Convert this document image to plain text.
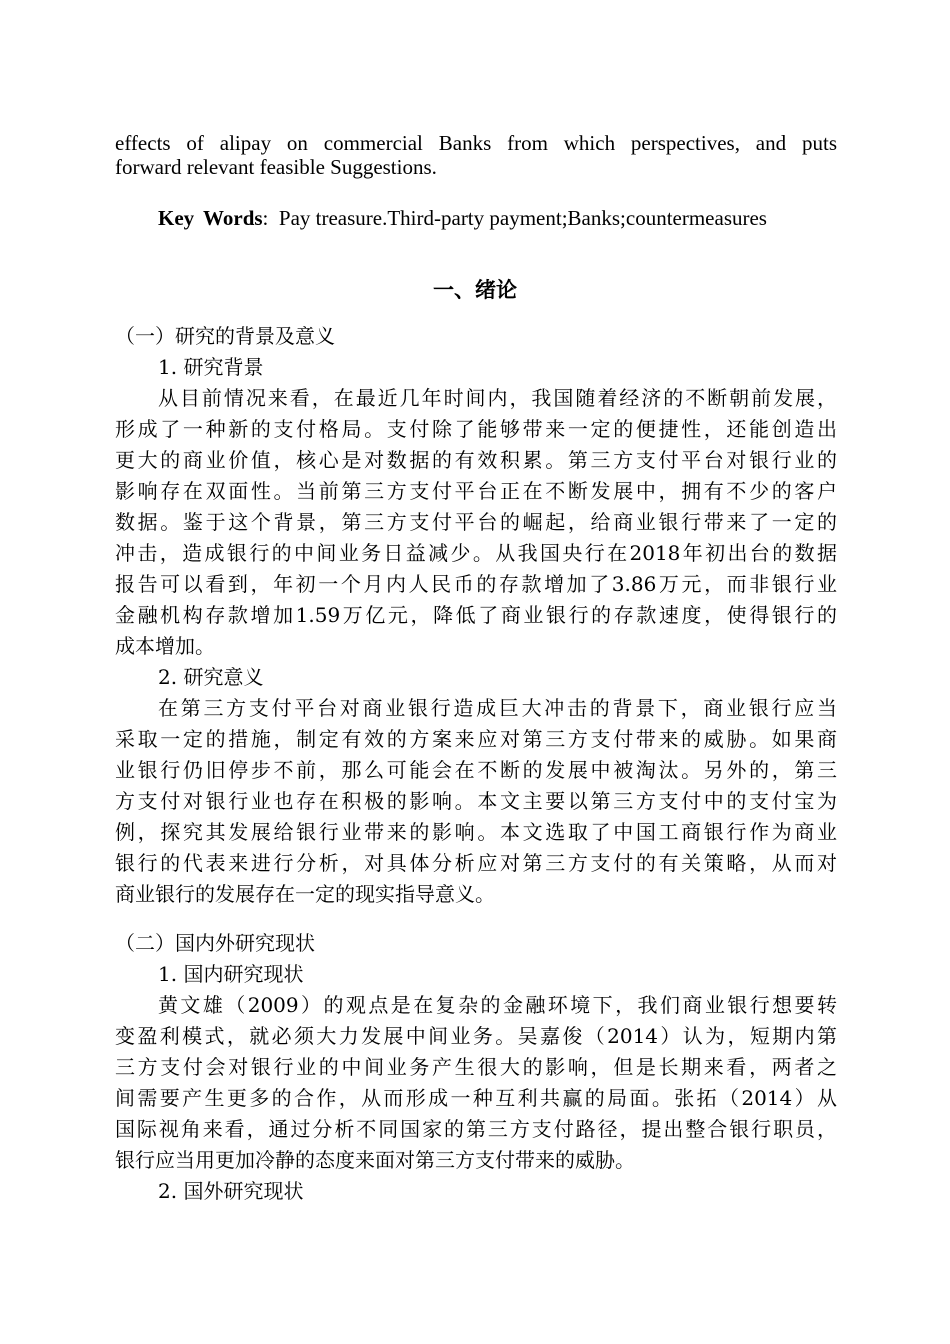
effects of alipay on commercial Banks from which perspectives, and puts
forward relevant feasible Suggestions.
Key Words: Pay treasure.Third-party payment;Banks;countermeasures
一、绪论
（一）研究的背景及意义
1. 研究背景
从目前情况来看，在最近几年时间内，我国随着经济的不断朝前发展，
形成了一种新的支付格局。支付除了能够带来一定的便捷性，还能创造出
更大的商业价值，核心是对数据的有效积累。第三方支付平台对银行业的
影响存在双面性。当前第三方支付平台正在不断发展中，拥有不少的客户
数据。鉴于这个背景，第三方支付平台的崛起，给商业银行带来了一定的
冲击，造成银行的中间业务日益减少。从我国央行在2018年初出台的数据
报告可以看到，年初一个月内人民币的存款增加了3.86万元，而非银行业
金融机构存款增加1.59万亿元，降低了商业银行的存款速度，使得银行的
成本增加。
2. 研究意义
在第三方支付平台对商业银行造成巨大冲击的背景下，商业银行应当
采取一定的措施，制定有效的方案来应对第三方支付带来的威胁。如果商
业银行仍旧停步不前，那么可能会在不断的发展中被淘汰。另外的，第三
方支付对银行业也存在积极的影响。本文主要以第三方支付中的支付宝为
例，探究其发展给银行业带来的影响。本文选取了中国工商银行作为商业
银行的代表来进行分析，对具体分析应对第三方支付的有关策略，从而对
商业银行的发展存在一定的现实指导意义。
（二）国内外研究现状
1. 国内研究现状
黄文雄（2009）的观点是在复杂的金融环境下，我们商业银行想要转
变盈利模式，就必须大力发展中间业务。吴嘉俊（2014）认为，短期内第
三方支付会对银行业的中间业务产生很大的影响，但是长期来看，两者之
间需要产生更多的合作，从而形成一种互利共赢的局面。张拓（2014）从
国际视角来看，通过分析不同国家的第三方支付路径，提出整合银行职员，
银行应当用更加冷静的态度来面对第三方支付带来的威胁。
2. 国外研究现状
